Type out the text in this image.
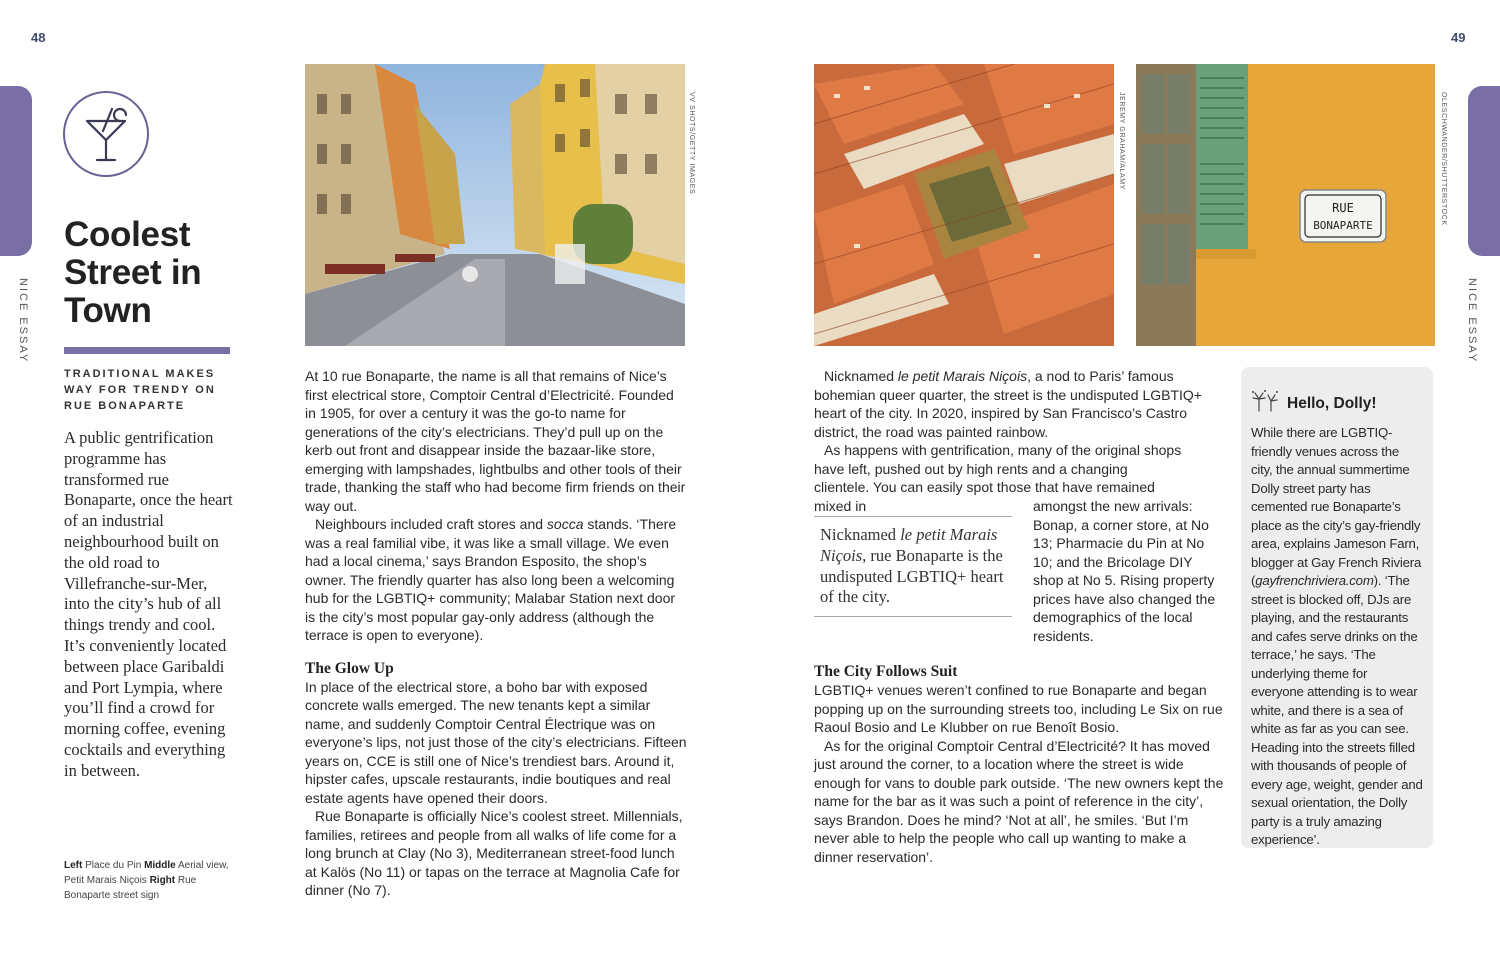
48
NICE ESSAY
Coolest Street in Town

TRADITIONAL MAKES WAY FOR TRENDY ON RUE BONAPARTE

A public gentrification programme has transformed rue Bonaparte, once the heart of an industrial neighbourhood built on the old road to Villefranche-sur-Mer, into the city’s hub of all things trendy and cool. It’s conveniently located between place Garibaldi and Port Lympia, where you’ll find a crowd for morning coffee, evening cocktails and everything in between.

Left Place du Pin Middle Aerial view, Petit Marais Niçois Right Rue Bonaparte street sign

VV SHOTS/GETTY IMAGES

At 10 rue Bonaparte, the name is all that remains of Nice’s first electrical store, Comptoir Central d’Electricité. Founded in 1905, for over a century it was the go-to name for generations of the city’s electricians. They’d pull up on the kerb out front and disappear inside the bazaar-like store, emerging with lampshades, lightbulbs and other tools of their trade, thanking the staff who had become firm friends on their way out.

Neighbours included craft stores and socca stands. ‘There was a real familial vibe, it was like a small village. We even had a local cinema,’ says Brandon Esposito, the shop’s owner. The friendly quarter has also long been a welcoming hub for the LGBTIQ+ community; Malabar Station next door is the city’s most popular gay-only address (although the terrace is open to everyone).

The Glow Up

In place of the electrical store, a boho bar with exposed concrete walls emerged. The new tenants kept a similar name, and suddenly Comptoir Central Électrique was on everyone’s lips, not just those of the city’s electricians. Fifteen years on, CCE is still one of Nice’s trendiest bars. Around it, hipster cafes, upscale restaurants, indie boutiques and real estate agents have opened their doors.

Rue Bonaparte is officially Nice’s coolest street. Millennials, families, retirees and people from all walks of life come for a long brunch at Clay (No 3), Mediterranean street-food lunch at Kalös (No 11) or tapas on the terrace at Magnolia Cafe for dinner (No 7).

49
NICE ESSAY
JEREMY GRAHAM/ALAMY
RUE
BONAPARTE	OLESCHWANDER/SHUTTERSTOCK

Nicknamed le petit Marais Niçois, a nod to Paris’ famous bohemian queer quarter, the street is the undisputed LGBTIQ+ heart of the city. In 2020, inspired by San Francisco’s Castro district, the road was painted rainbow.

As happens with gentrification, many of the original shops have left, pushed out by high rents and a changing clientele. You can easily spot those that have remained mixed in

Nicknamed le petit Marais Niçois, rue Bonaparte is the undisputed LGBTIQ+ heart of the city.

amongst the new arrivals: Bonap, a corner store, at No 13; Pharmacie du Pin at No 10; and the Bricolage DIY shop at No 5. Rising property prices have also changed the demographics of the local residents.

The City Follows Suit

LGBTIQ+ venues weren’t confined to rue Bonaparte and began popping up on the surrounding streets too, including Le Six on rue Raoul Bosio and Le Klubber on rue Benoît Bosio.

As for the original Comptoir Central d’Electricité? It has moved just around the corner, to a location where the street is wide enough for vans to double park outside. ‘The new owners kept the name for the bar as it was such a point of reference in the city’, says Brandon. Does he mind? ‘Not at all’, he smiles. ‘But I’m never able to help the people who call up wanting to make a dinner reservation’.

Hello, Dolly!

While there are LGBTIQ-friendly venues across the city, the annual summertime Dolly street party has cemented rue Bonaparte’s place as the city’s gay-friendly area, explains Jameson Farn, blogger at Gay French Riviera (gayfrenchriviera.com). ‘The street is blocked off, DJs are playing, and the restaurants and cafes serve drinks on the terrace,’ he says. ‘The underlying theme for everyone attending is to wear white, and there is a sea of white as far as you can see. Heading into the streets filled with thousands of people of every age, weight, gender and sexual orientation, the Dolly party is a truly amazing experience’.
